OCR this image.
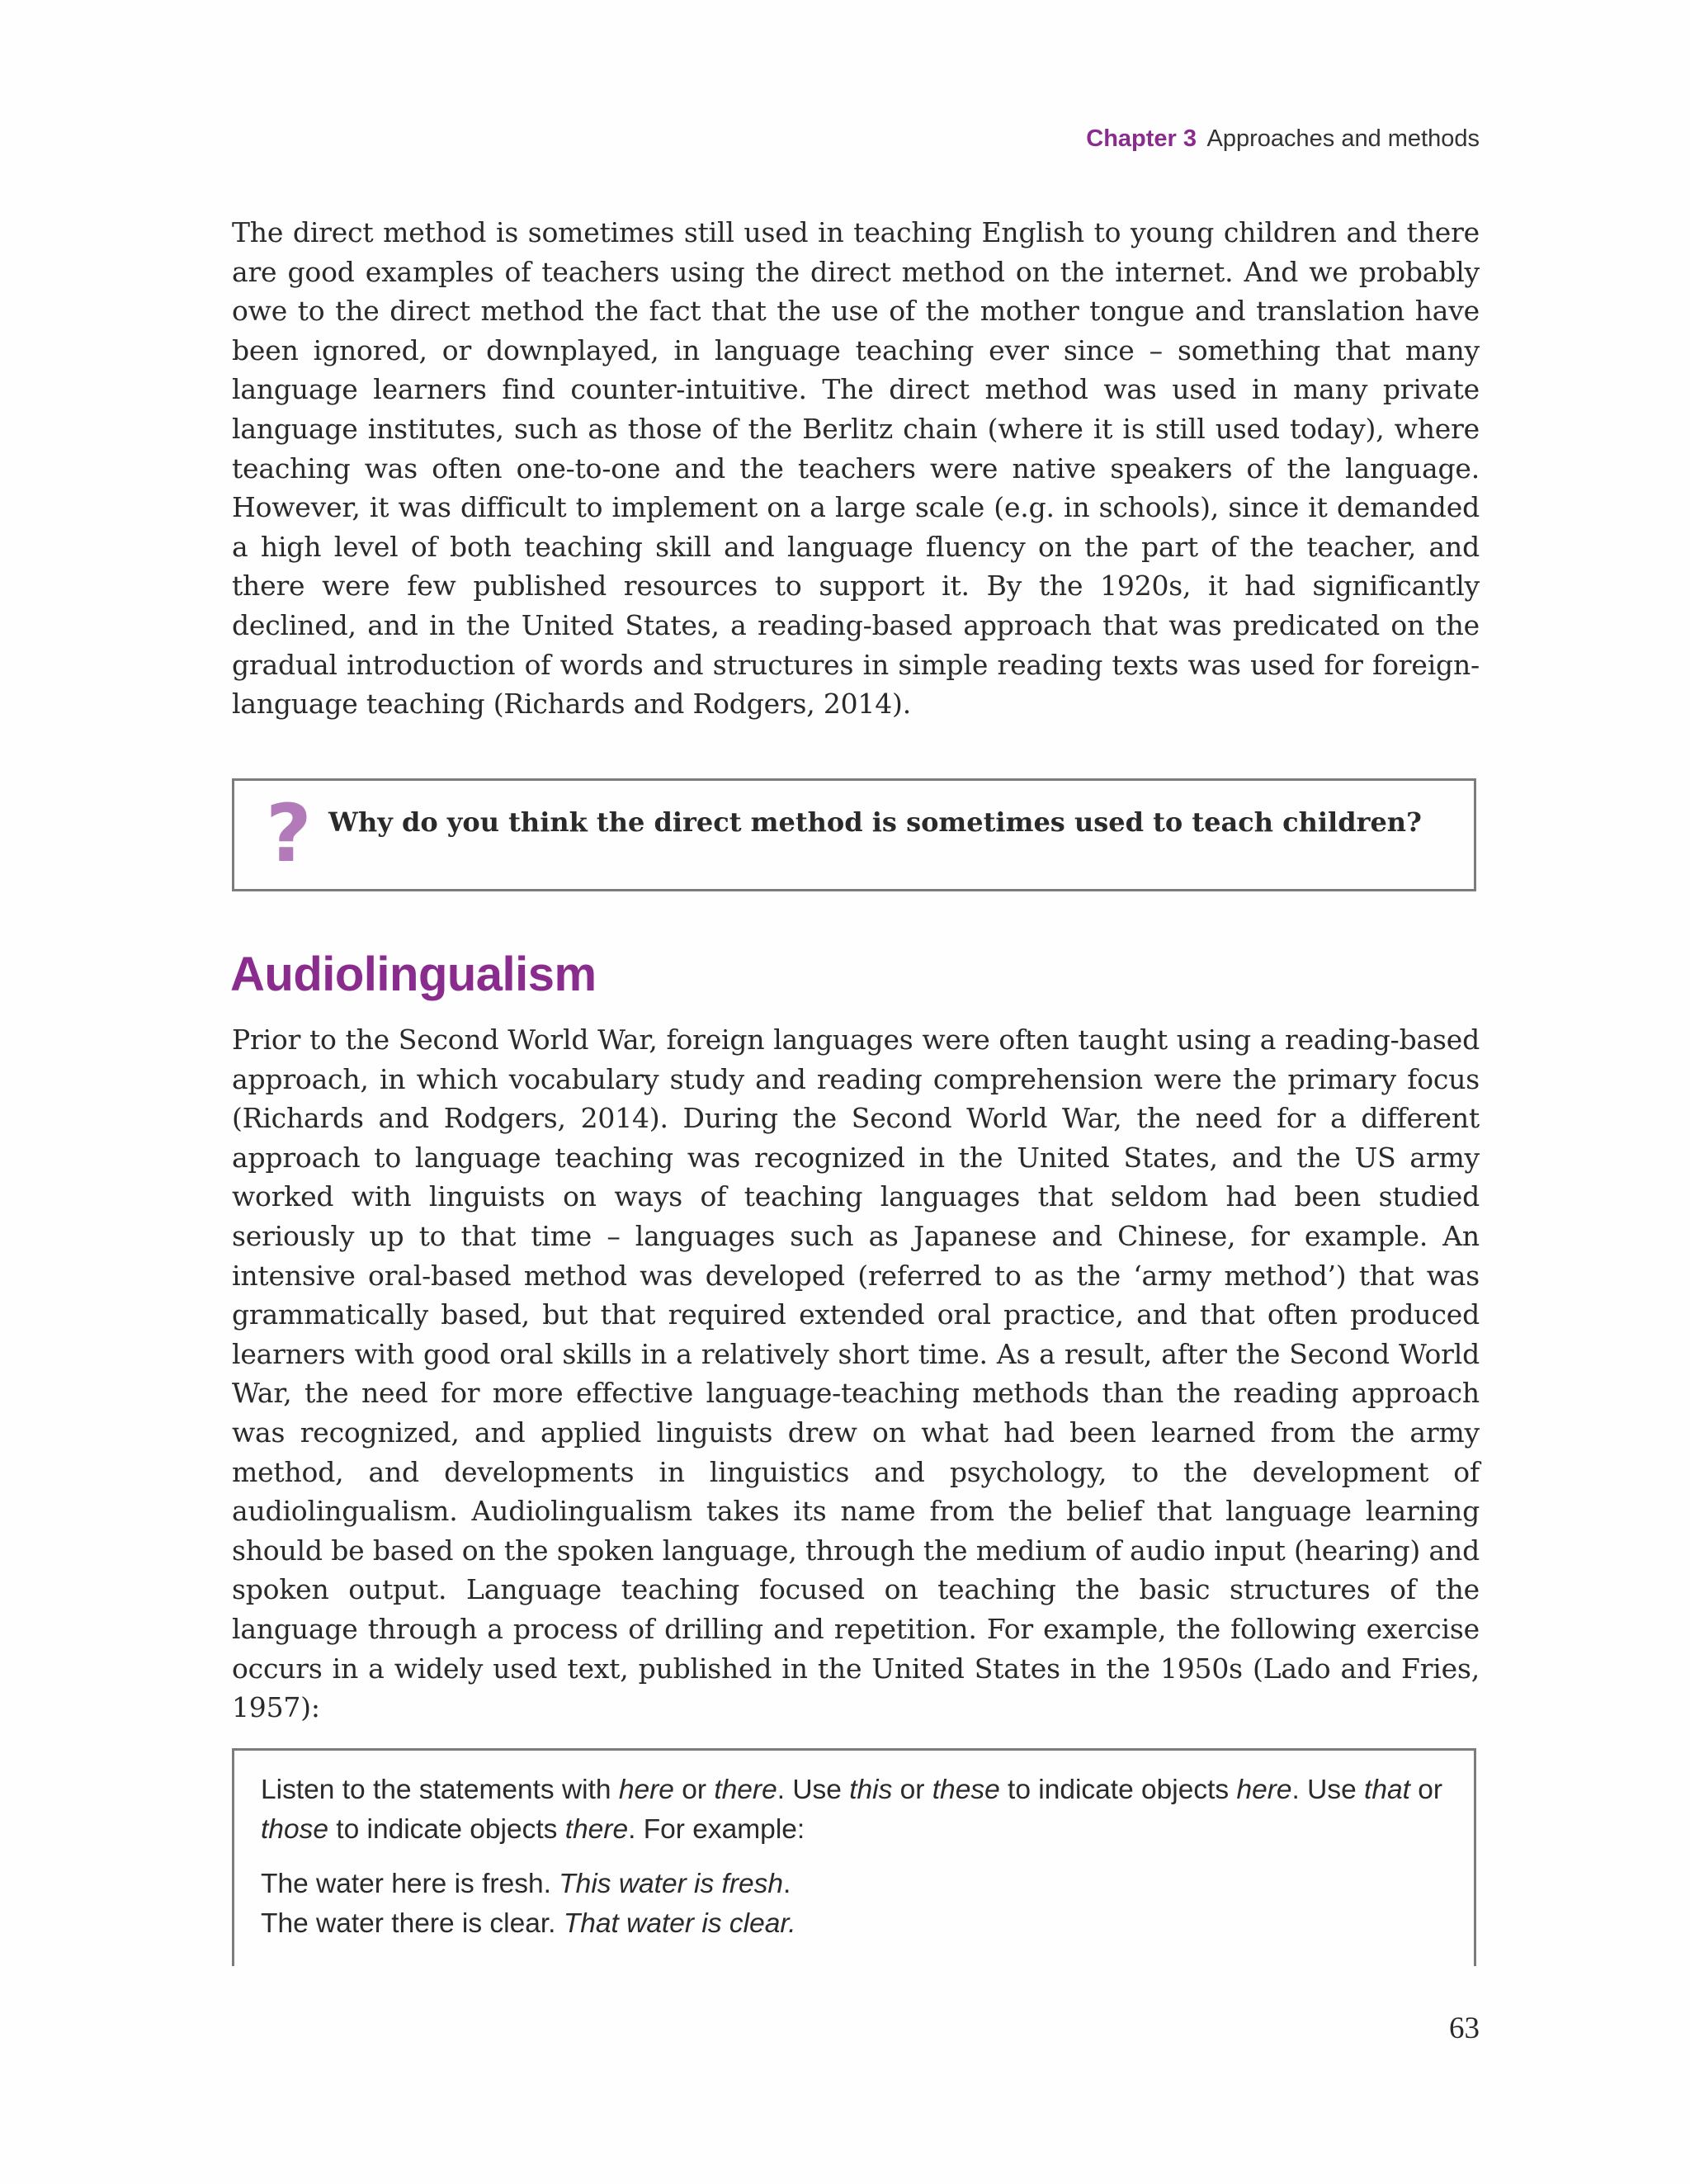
Chapter 3 Approaches and methods

The direct method is sometimes still used in teaching English to young children and there are good examples of teachers using the direct method on the internet. And we probably owe to the direct method the fact that the use of the mother tongue and translation have been ignored, or downplayed, in language teaching ever since – something that many language learners find counter-intuitive. The direct method was used in many private language institutes, such as those of the Berlitz chain (where it is still used today), where teaching was often one-to-one and the teachers were native speakers of the language. However, it was difficult to implement on a large scale (e.g. in schools), since it demanded a high level of both teaching skill and language fluency on the part of the teacher, and there were few published resources to support it. By the 1920s, it had significantly declined, and in the United States, a reading-based approach that was predicated on the gradual introduction of words and structures in simple reading texts was used for foreign-language teaching (Richards and Rodgers, 2014).

? Why do you think the direct method is sometimes used to teach children?
Audiolingualism

Prior to the Second World War, foreign languages were often taught using a reading-based approach, in which vocabulary study and reading comprehension were the primary focus (Richards and Rodgers, 2014). During the Second World War, the need for a different approach to language teaching was recognized in the United States, and the US army worked with linguists on ways of teaching languages that seldom had been studied seriously up to that time – languages such as Japanese and Chinese, for example. An intensive oral-based method was developed (referred to as the ‘army method’) that was grammatically based, but that required extended oral practice, and that often produced learners with good oral skills in a relatively short time. As a result, after the Second World War, the need for more effective language-teaching methods than the reading approach was recognized, and applied linguists drew on what had been learned from the army method, and developments in linguistics and psychology, to the development of audiolingualism. Audiolingualism takes its name from the belief that language learning should be based on the spoken language, through the medium of audio input (hearing) and spoken output. Language teaching focused on teaching the basic structures of the language through a process of drilling and repetition. For example, the following exercise occurs in a widely used text, published in the United States in the 1950s (Lado and Fries, 1957):

Listen to the statements with here or there. Use this or these to indicate objects here. Use that or those to indicate objects there. For example:

The water here is fresh. This water is fresh.

The water there is clear. That water is clear.

63
